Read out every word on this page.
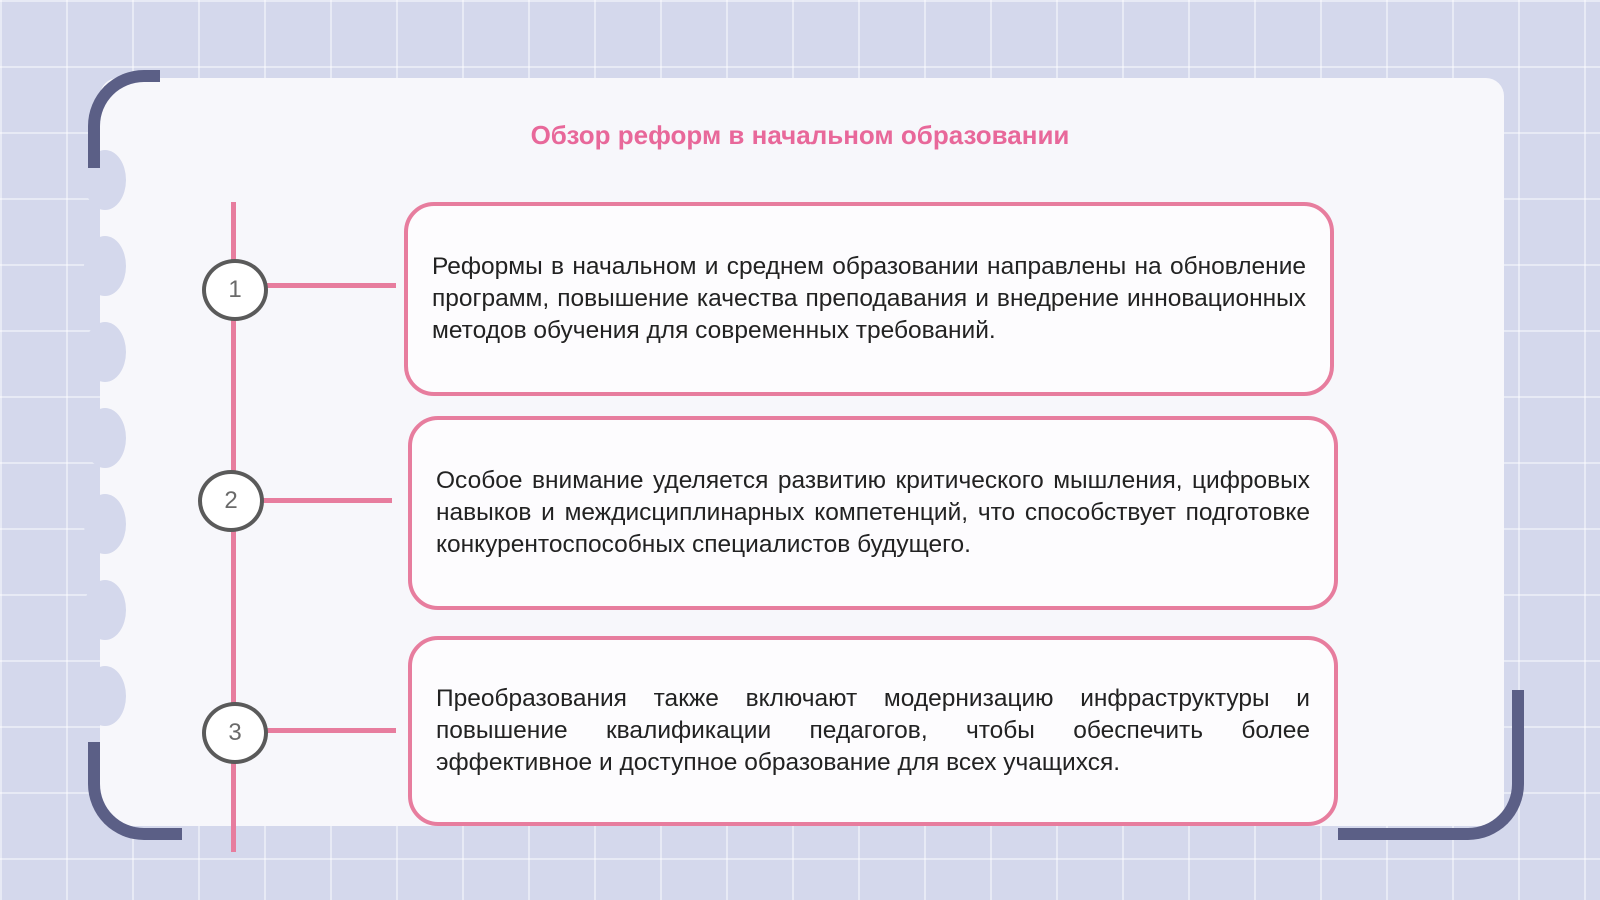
Обзор реформ в начальном образовании
1
2
3

Реформы в начальном и среднем образовании направлены на обновление программ, повышение качества преподавания и внедрение инновационных методов обучения для современных требований.

Особое внимание уделяется развитию критического мышления, цифровых навыков и междисциплинарных компетенций, что способствует подготовке конкурентоспособных специалистов будущего.

Преобразования также включают модернизацию инфраструктуры и повышение квалификации педагогов, чтобы обеспечить более эффективное и доступное образование для всех учащихся.
